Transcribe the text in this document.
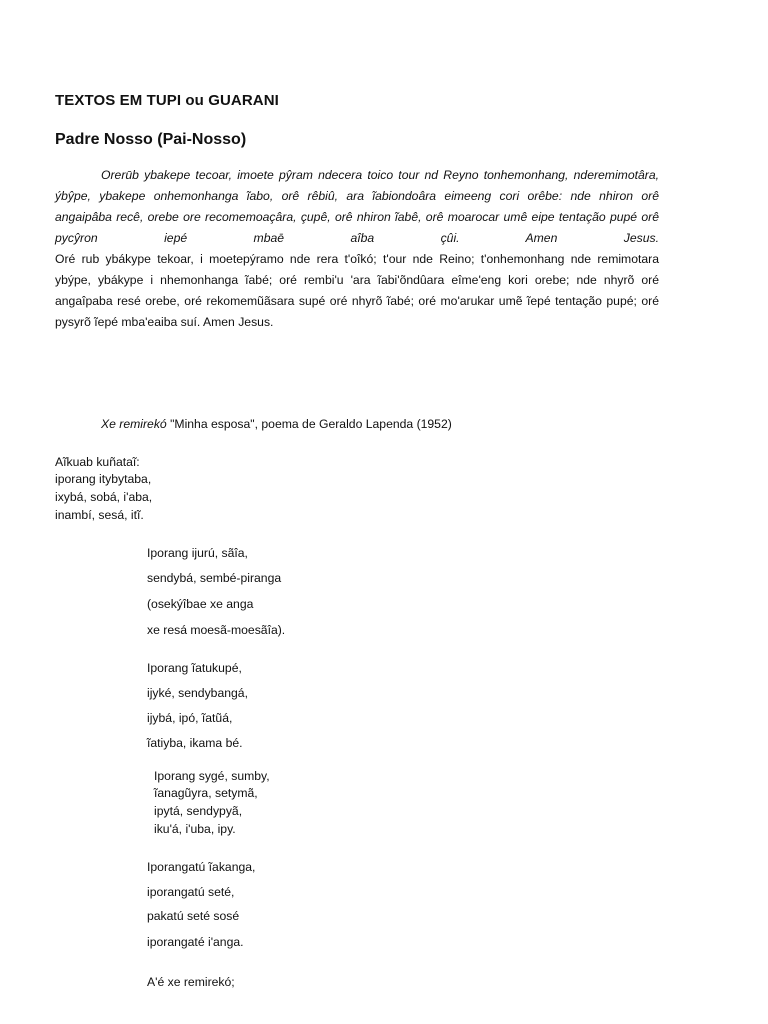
TEXTOS EM TUPI ou GUARANI
Padre Nosso (Pai-Nosso)
Orerūb ybakepe tecoar, imoete pŷram ndecera toico tour nd Reyno tonhemonhang, nderemimotâra,
ýbŷpe, ybakepe onhemonhanga ĩabo, orê rêbiû, ara ĩabiondoâra eimeeng cori orêbe: nde nhiron orê
angaipâba recê, orebe ore recomemoaçâra, çupê, orê nhiron ĩabê, orê moarocar umê eipe tentação pupé orê
pycŷron iepé mbaē aîba çûi. Amen Jesus.
Oré rub ybákype tekoar, i moetepýramo nde rera t'oîkó; t'our nde Reino; t'onhemonhang nde remimotara
ybýpe, ybákype i nhemonhanga ĩabé; oré rembi'u 'ara ĩabi'õndûara eîme'eng kori orebe; nde nhyrõ oré
angaîpaba resé orebe, oré rekomemũãsara supé oré nhyrõ ĩabé; oré mo'arukar umẽ ĩepé tentação pupé; oré
pysyrõ ĩepé mba'eaiba suí. Amen Jesus.

Xe remirekó "Minha esposa", poema de Geraldo Lapenda (1952)

Aĩkuab kuñataĩ:

iporang itybytaba,

ixybá, sobá, i'aba,

inambí, sesá, itĩ.

Iporang ijurú, sãîa,

sendybá, sembé-piranga

(osekýîbae xe anga

xe resá moesã-moesãîa).

Iporang ĩatukupé,

ijyké, sendybangá,

ijybá, ipó, ĩatũá,

ĩatiyba, ikama bé.

Iporang sygé, sumby,

ĩanagũyra, setymã,

ipytá, sendypyã,

iku'á, i'uba, ipy.

Iporangatú ĩakanga,

iporangatú seté,

pakatú seté sosé

iporangaté i'anga.

A'é xe remirekó;
